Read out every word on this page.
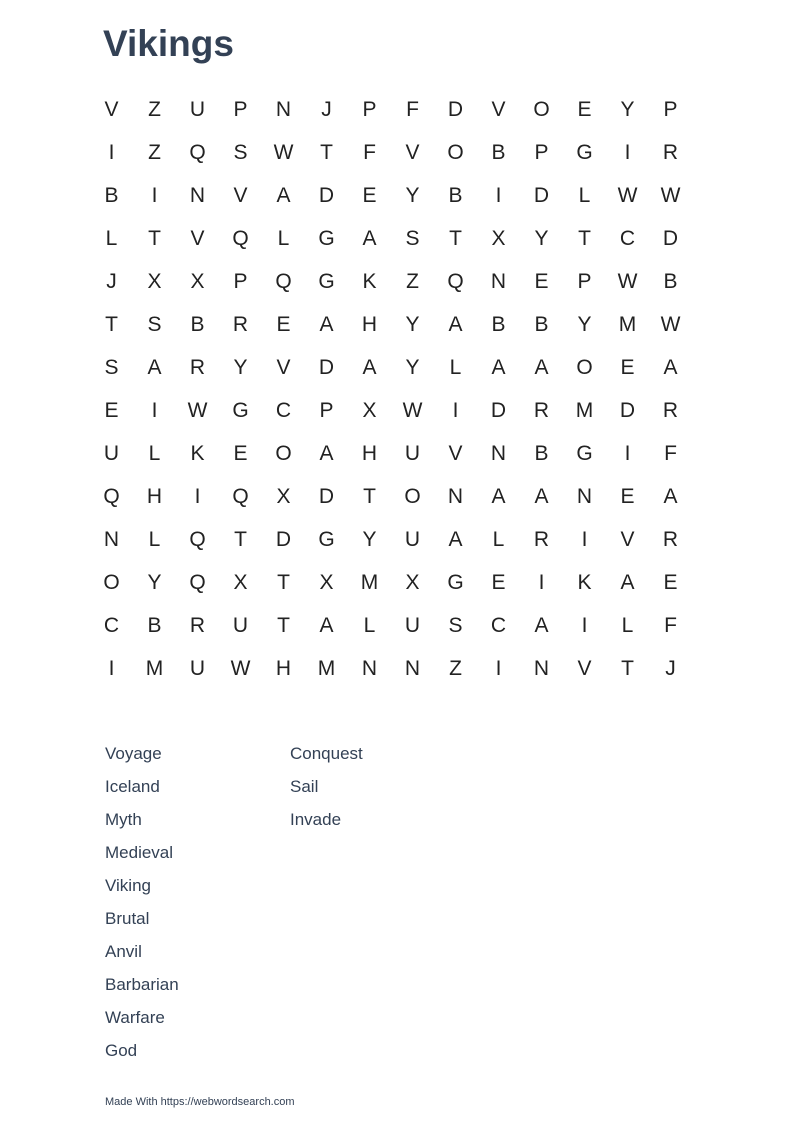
Vikings
V	Z	U	P	N	J	P	F	D	V	O	E	Y	P
I	Z	Q	S	W	T	F	V	O	B	P	G	I	R
B	I	N	V	A	D	E	Y	B	I	D	L	W	W
L	T	V	Q	L	G	A	S	T	X	Y	T	C	D
J	X	X	P	Q	G	K	Z	Q	N	E	P	W	B
T	S	B	R	E	A	H	Y	A	B	B	Y	M	W
S	A	R	Y	V	D	A	Y	L	A	A	O	E	A
E	I	W	G	C	P	X	W	I	D	R	M	D	R
U	L	K	E	O	A	H	U	V	N	B	G	I	F
Q	H	I	Q	X	D	T	O	N	A	A	N	E	A
N	L	Q	T	D	G	Y	U	A	L	R	I	V	R
O	Y	Q	X	T	X	M	X	G	E	I	K	A	E
C	B	R	U	T	A	L	U	S	C	A	I	L	F
I	M	U	W	H	M	N	N	Z	I	N	V	T	J
Voyage
Iceland
Myth
Medieval
Viking
Brutal
Anvil
Barbarian
Warfare
God
Conquest
Sail
Invade
Made With https://webwordsearch.com
